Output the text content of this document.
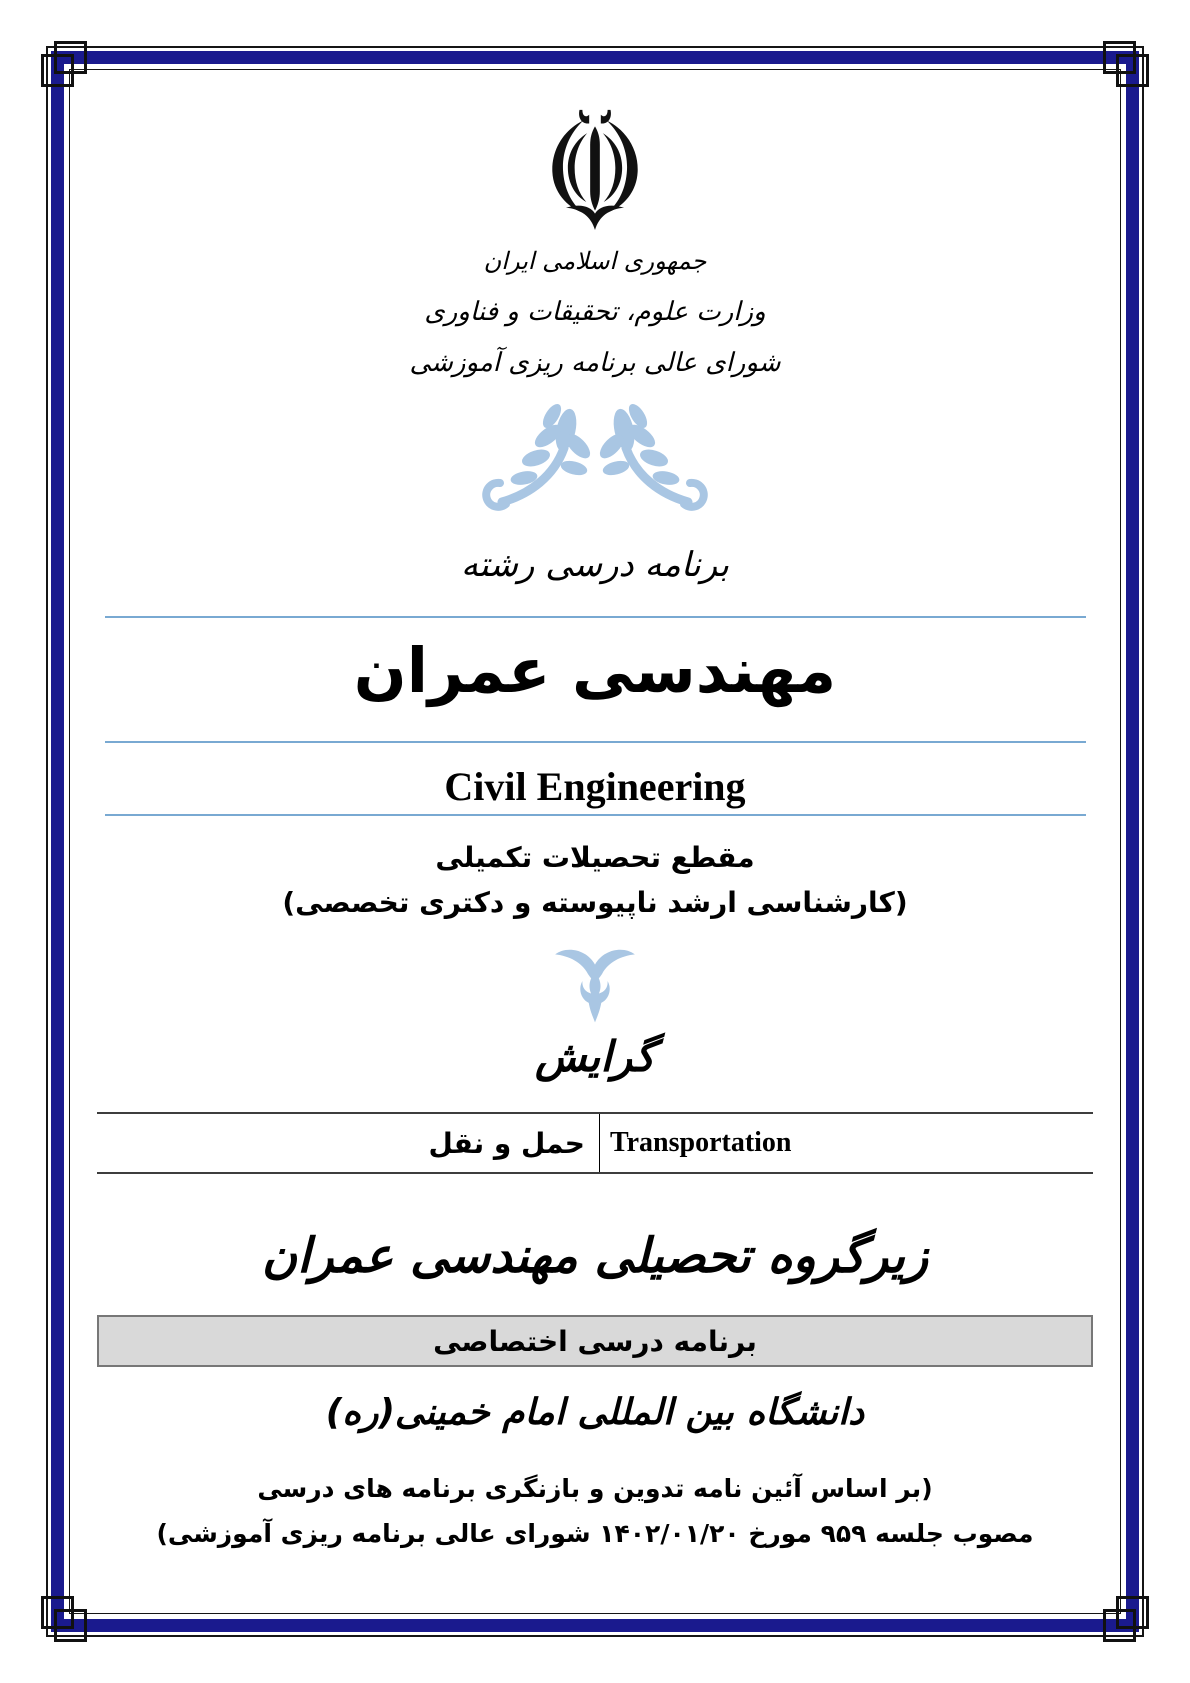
جمهوری اسلامی ایران
وزارت علوم، تحقیقات و فناوری
شورای عالی برنامه ریزی آموزشی

برنامه درسی رشته
مهندسی عمران
Civil Engineering
مقطع تحصیلات تکمیلی
(کارشناسی ارشد ناپیوسته و دکتری تخصصی)
گرایش
حمل و نقل Transportation
زیرگروه تحصیلی مهندسی عمران
برنامه درسی اختصاصی
دانشگاه بین المللی امام خمینی(ره)
(بر اساس آئین نامه تدوین و بازنگری برنامه های درسی
مصوب جلسه ۹۵۹ مورخ ۱۴۰۲/۰۱/۲۰ شورای عالی برنامه ریزی آموزشی)
